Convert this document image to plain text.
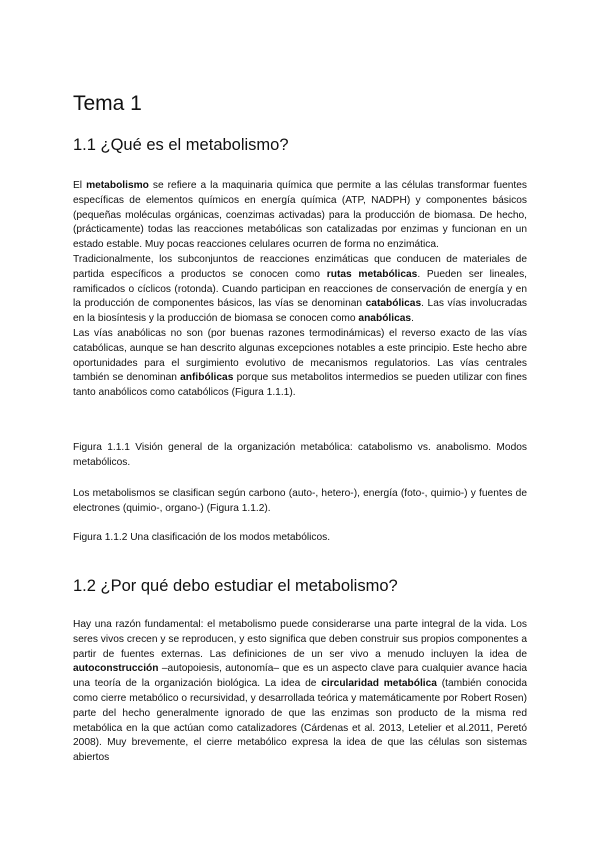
Tema 1
1.1 ¿Qué es el metabolismo?

El metabolismo se refiere a la maquinaria química que permite a las células transformar fuentes específicas de elementos químicos en energía química (ATP, NADPH) y componentes básicos (pequeñas moléculas orgánicas, coenzimas activadas) para la producción de biomasa. De hecho, (prácticamente) todas las reacciones metabólicas son catalizadas por enzimas y funcionan en un estado estable. Muy pocas reacciones celulares ocurren de forma no enzimática.

Tradicionalmente, los subconjuntos de reacciones enzimáticas que conducen de materiales de partida específicos a productos se conocen como rutas metabólicas. Pueden ser lineales, ramificados o cíclicos (rotonda). Cuando participan en reacciones de conservación de energía y en la producción de componentes básicos, las vías se denominan catabólicas. Las vías involucradas en la biosíntesis y la producción de biomasa se conocen como anabólicas.

Las vías anabólicas no son (por buenas razones termodinámicas) el reverso exacto de las vías catabólicas, aunque se han descrito algunas excepciones notables a este principio. Este hecho abre oportunidades para el surgimiento evolutivo de mecanismos regulatorios. Las vías centrales también se denominan anfibólicas porque sus metabolitos intermedios se pueden utilizar con fines tanto anabólicos como catabólicos (Figura 1.1.1).

Figura 1.1.1 Visión general de la organización metabólica: catabolismo vs. anabolismo. Modos metabólicos.
Los metabolismos se clasifican según carbono (auto-, hetero-), energía (foto-, quimio-) y fuentes de electrones (quimio-, organo-) (Figura 1.1.2).
Figura 1.1.2 Una clasificación de los modos metabólicos.
1.2 ¿Por qué debo estudiar el metabolismo?

Hay una razón fundamental: el metabolismo puede considerarse una parte integral de la vida. Los seres vivos crecen y se reproducen, y esto significa que deben construir sus propios componentes a partir de fuentes externas. Las definiciones de un ser vivo a menudo incluyen la idea de autoconstrucción –autopoiesis, autonomía– que es un aspecto clave para cualquier avance hacia una teoría de la organización biológica. La idea de circularidad metabólica (también conocida como cierre metabólico o recursividad, y desarrollada teórica y matemáticamente por Robert Rosen) parte del hecho generalmente ignorado de que las enzimas son producto de la misma red metabólica en la que actúan como catalizadores (Cárdenas et al. 2013, Letelier et al.2011, Peretó 2008). Muy brevemente, el cierre metabólico expresa la idea de que las células son sistemas abiertos
